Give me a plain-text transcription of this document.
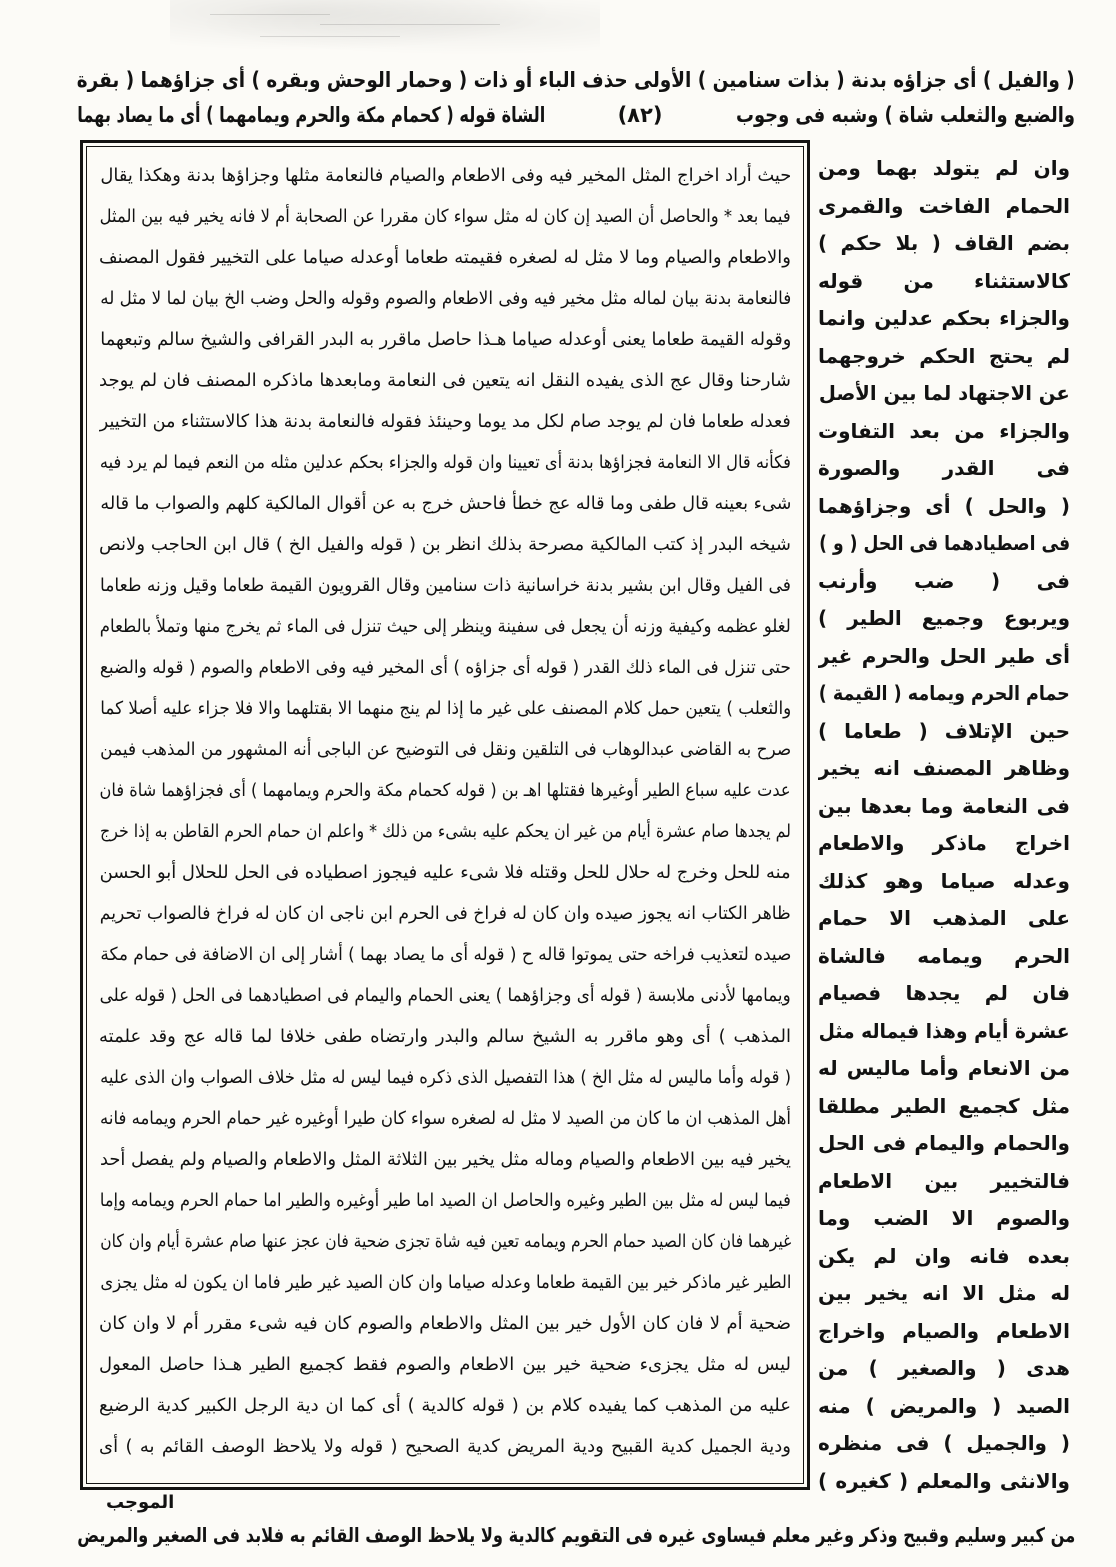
( والفيل ) أى جزاؤه بدنة ( بذات سنامين ) الأولى حذف الباء أو ذات ( وحمار الوحش وبقره ) أى جزاؤهما ( بقرة
والضبع والثعلب شاة ) وشبه فى وجوب
(٨٢)
الشاة قوله ( كحمام مكة والحرم ويمامهما ) أى ما يصاد بهما
حيث أراد اخراج المثل المخير فيه وفى الاطعام والصيام فالنعامة مثلها وجزاؤها بدنة وهكذا يقال
فيما بعد * والحاصل أن الصيد إن كان له مثل سواء كان مقررا عن الصحابة أم لا فانه يخير فيه بين المثل
والاطعام والصيام وما لا مثل له لصغره فقيمته طعاما أوعدله صياما على التخيير فقول المصنف
فالنعامة بدنة بيان لماله مثل مخير فيه وفى الاطعام والصوم وقوله والحل وضب الخ بيان لما لا مثل له
وقوله القيمة طعاما يعنى أوعدله صياما هـذا حاصل ماقرر به البدر القرافى والشيخ سالم وتبعهما
شارحنا وقال عج الذى يفيده النقل انه يتعين فى النعامة ومابعدها ماذكره المصنف فان لم يوجد
فعدله طعاما فان لم يوجد صام لكل مد يوما وحينئذ فقوله فالنعامة بدنة هذا كالاستثناء من التخيير
فكأنه قال الا النعامة فجزاؤها بدنة أى تعيينا وان قوله والجزاء بحكم عدلين مثله من النعم فيما لم يرد فيه
شىء بعينه قال طفى وما قاله عج خطأ فاحش خرج به عن أقوال المالكية كلهم والصواب ما قاله
شيخه البدر إذ كتب المالكية مصرحة بذلك انظر بن ( قوله والفيل الخ ) قال ابن الحاجب ولانص
فى الفيل وقال ابن بشير بدنة خراسانية ذات سنامين وقال القرويون القيمة طعاما وقيل وزنه طعاما
لغلو عظمه وكيفية وزنه أن يجعل فى سفينة وينظر إلى حيث تنزل فى الماء ثم يخرج منها وتملأ بالطعام
حتى تنزل فى الماء ذلك القدر ( قوله أى جزاؤه ) أى المخير فيه وفى الاطعام والصوم ( قوله والضبع
والثعلب ) يتعين حمل كلام المصنف على غير ما إذا لم ينج منهما الا بقتلهما والا فلا جزاء عليه أصلا كما
صرح به القاضى عبدالوهاب فى التلقين ونقل فى التوضيح عن الباجى أنه المشهور من المذهب فيمن
عدت عليه سباع الطير أوغيرها فقتلها اهـ بن ( قوله كحمام مكة والحرم ويمامهما ) أى فجزاؤهما شاة فان
لم يجدها صام عشرة أيام من غير ان يحكم عليه بشىء من ذلك * واعلم ان حمام الحرم القاطن به إذا خرج
منه للحل وخرج له حلال للحل وقتله فلا شىء عليه فيجوز اصطياده فى الحل للحلال أبو الحسن
ظاهر الكتاب انه يجوز صيده وان كان له فراخ فى الحرم ابن ناجى ان كان له فراخ فالصواب تحريم
صيده لتعذيب فراخه حتى يموتوا قاله ح ( قوله أى ما يصاد بهما ) أشار إلى ان الاضافة فى حمام مكة
ويمامها لأدنى ملابسة ( قوله أى وجزاؤهما ) يعنى الحمام واليمام فى اصطيادهما فى الحل ( قوله على
المذهب ) أى وهو ماقرر به الشيخ سالم والبدر وارتضاه طفى خلافا لما قاله عج وقد علمته
( قوله وأما ماليس له مثل الخ ) هذا التفصيل الذى ذكره فيما ليس له مثل خلاف الصواب وان الذى عليه
أهل المذهب ان ما كان من الصيد لا مثل له لصغره سواء كان طيرا أوغيره غير حمام الحرم ويمامه فانه
يخير فيه بين الاطعام والصيام وماله مثل يخير بين الثلاثة المثل والاطعام والصيام ولم يفصل أحد
فيما ليس له مثل بين الطير وغيره والحاصل ان الصيد اما طير أوغيره والطير اما حمام الحرم ويمامه وإما
غيرهما فان كان الصيد حمام الحرم ويمامه تعين فيه شاة تجزى ضحية فان عجز عنها صام عشرة أيام وان كان
الطير غير ماذكر خير بين القيمة طعاما وعدله صياما وان كان الصيد غير طير فاما ان يكون له مثل يجزى
ضحية أم لا فان كان الأول خير بين المثل والاطعام والصوم كان فيه شىء مقرر أم لا وان كان
ليس له مثل يجزىء ضحية خير بين الاطعام والصوم فقط كجميع الطير هـذا حاصل المعول
عليه من المذهب كما يفيده كلام بن ( قوله كالدية ) أى كما ان دية الرجل الكبير كدية الرضيع
ودية الجميل كدية القبيح ودية المريض كدية الصحيح ( قوله ولا يلاحظ الوصف القائم به ) أى
وان لم يتولد بهما ومن
الحمام الفاخت والقمرى
بضم القاف ( بلا حكم )
كالاستثناء من قوله
والجزاء بحكم عدلين وانما
لم يحتج الحكم خروجهما
عن الاجتهاد لما بين الأصل
والجزاء من بعد التفاوت
فى القدر والصورة
( والحل ) أى وجزاؤهما
فى اصطيادهما فى الحل ( و )
فى ( ضب وأرنب
ويربوع وجميع الطير )
أى طير الحل والحرم غير
حمام الحرم ويمامه ( القيمة )
حين الإتلاف ( طعاما )
وظاهر المصنف انه يخير
فى النعامة وما بعدها بين
اخراج ماذكر والاطعام
وعدله صياما وهو كذلك
على المذهب الا حمام
الحرم ويمامه فالشاة
فان لم يجدها فصيام
عشرة أيام وهذا فيماله مثل
من الانعام وأما ماليس له
مثل كجميع الطير مطلقا
والحمام واليمام فى الحل
فالتخيير بين الاطعام
والصوم الا الضب وما
بعده فانه وان لم يكن
له مثل الا انه يخير بين
الاطعام والصيام واخراج
هدى ( والصغير ) من
الصيد ( والمريض ) منه
( والجميل ) فى منظره
والانثى والمعلم ( كغيره )
الموجب
من كبير وسليم وقبيح وذكر وغير معلم فيساوى غيره فى التقويم كالدية ولا يلاحظ الوصف القائم به فلابد فى الصغير والمريض
